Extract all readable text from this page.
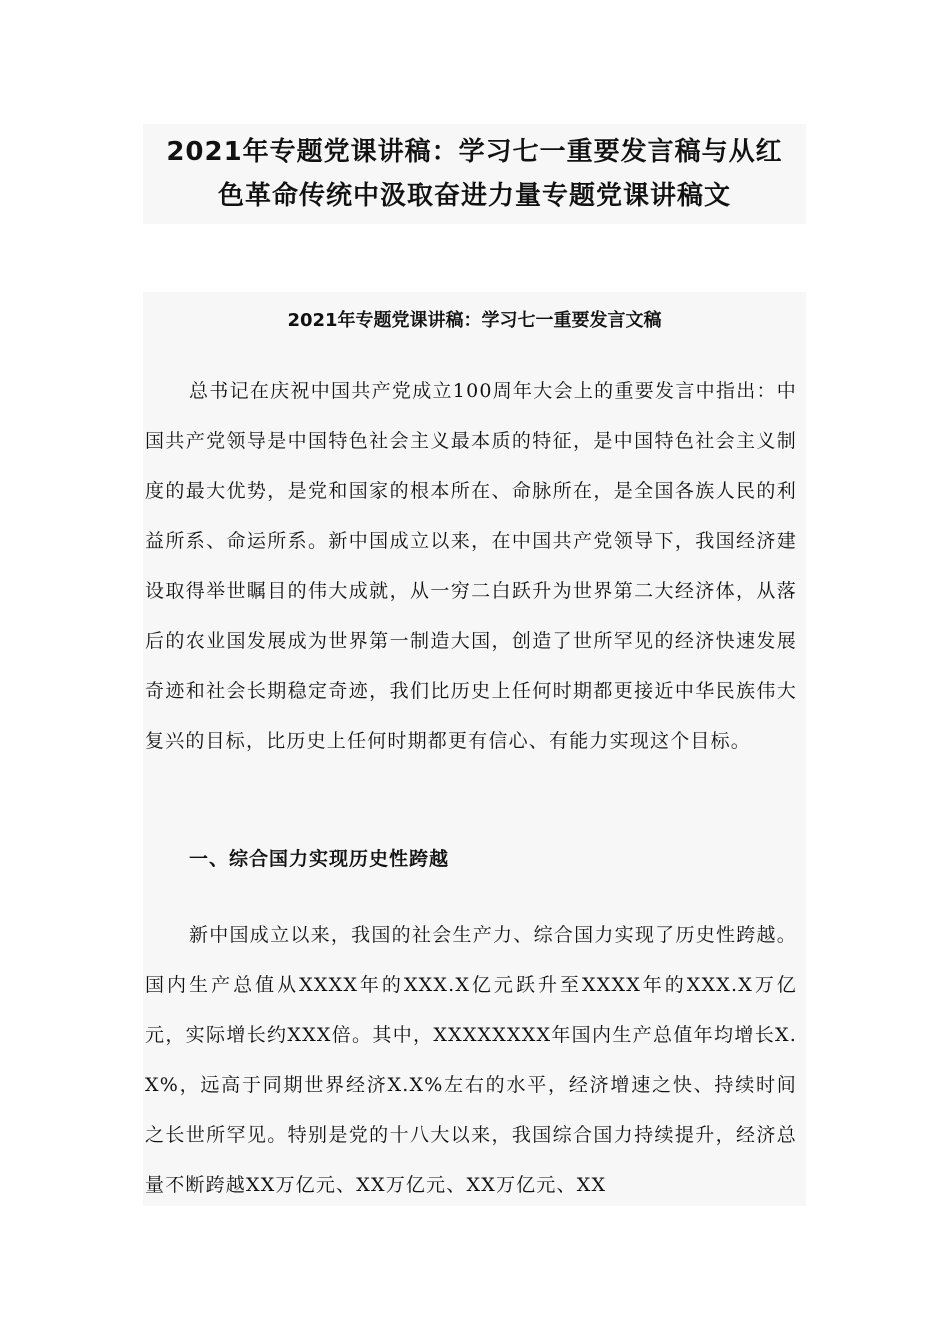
2021年专题党课讲稿：学习七一重要发言稿与从红
色革命传统中汲取奋进力量专题党课讲稿文
2021年专题党课讲稿：学习七一重要发言文稿

总书记在庆祝中国共产党成立100周年大会上的重要发言中指出：中国共产党领导是中国特色社会主义最本质的特征，是中国特色社会主义制度的最大优势，是党和国家的根本所在、命脉所在，是全国各族人民的利益所系、命运所系。新中国成立以来，在中国共产党领导下，我国经济建设取得举世瞩目的伟大成就，从一穷二白跃升为世界第二大经济体，从落后的农业国发展成为世界第一制造大国，创造了世所罕见的经济快速发展奇迹和社会长期稳定奇迹，我们比历史上任何时期都更接近中华民族伟大复兴的目标，比历史上任何时期都更有信心、有能力实现这个目标。

一、综合国力实现历史性跨越

新中国成立以来，我国的社会生产力、综合国力实现了历史性跨越。国内生产总值从XXXX年的XXX.X亿元跃升至XXXX年的XXX.X万亿元，实际增长约XXX倍。其中，XXXXXXXX年国内生产总值年均增长X.X%，远高于同期世界经济X.X%左右的水平，经济增速之快、持续时间之长世所罕见。特别是党的十八大以来，我国综合国力持续提升，经济总量不断跨越XX万亿元、XX万亿元、XX万亿元、XX
